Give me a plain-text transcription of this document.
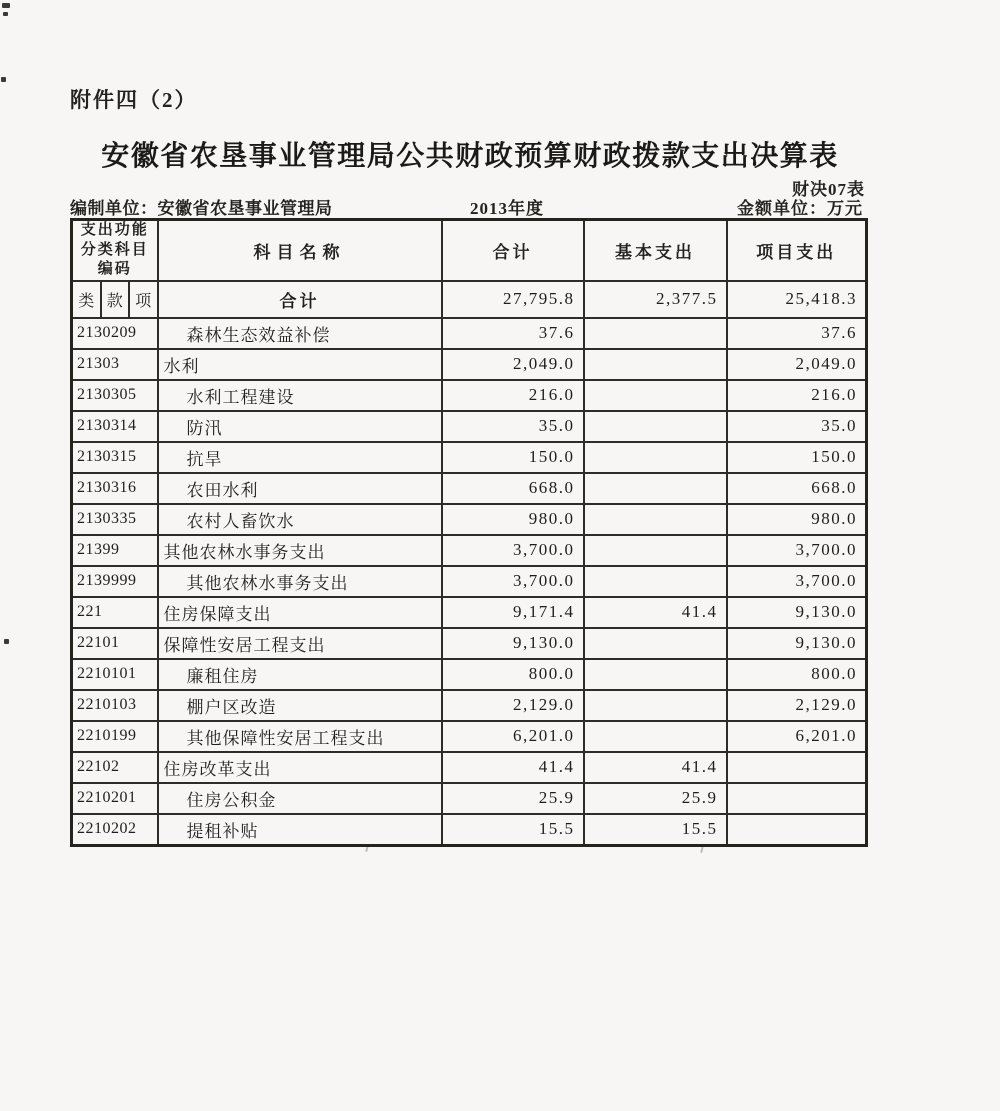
附件四（2）
安徽省农垦事业管理局公共财政预算财政拨款支出决算表
财决07表
编制单位：安徽省农垦事业管理局	2013年度	金额单位：万元
支出功能
分类科目
编码	科目名称	合计	基本支出	项目支出

类 款 项	合计	27,795.8	2,377.5	25,418.3
2130209	森林生态效益补偿	37.6		37.6
21303	水利	2,049.0		2,049.0
2130305	水利工程建设	216.0		216.0
2130314	防汛	35.0		35.0
2130315	抗旱	150.0		150.0
2130316	农田水利	668.0		668.0
2130335	农村人畜饮水	980.0		980.0
21399	其他农林水事务支出	3,700.0		3,700.0
2139999	其他农林水事务支出	3,700.0		3,700.0
221	住房保障支出	9,171.4	41.4	9,130.0
22101	保障性安居工程支出	9,130.0		9,130.0
2210101	廉租住房	800.0		800.0
2210103	棚户区改造	2,129.0		2,129.0
2210199	其他保障性安居工程支出	6,201.0		6,201.0
22102	住房改革支出	41.4	41.4	
2210201	住房公积金	25.9	25.9	
2210202	提租补贴	15.5	15.5	
